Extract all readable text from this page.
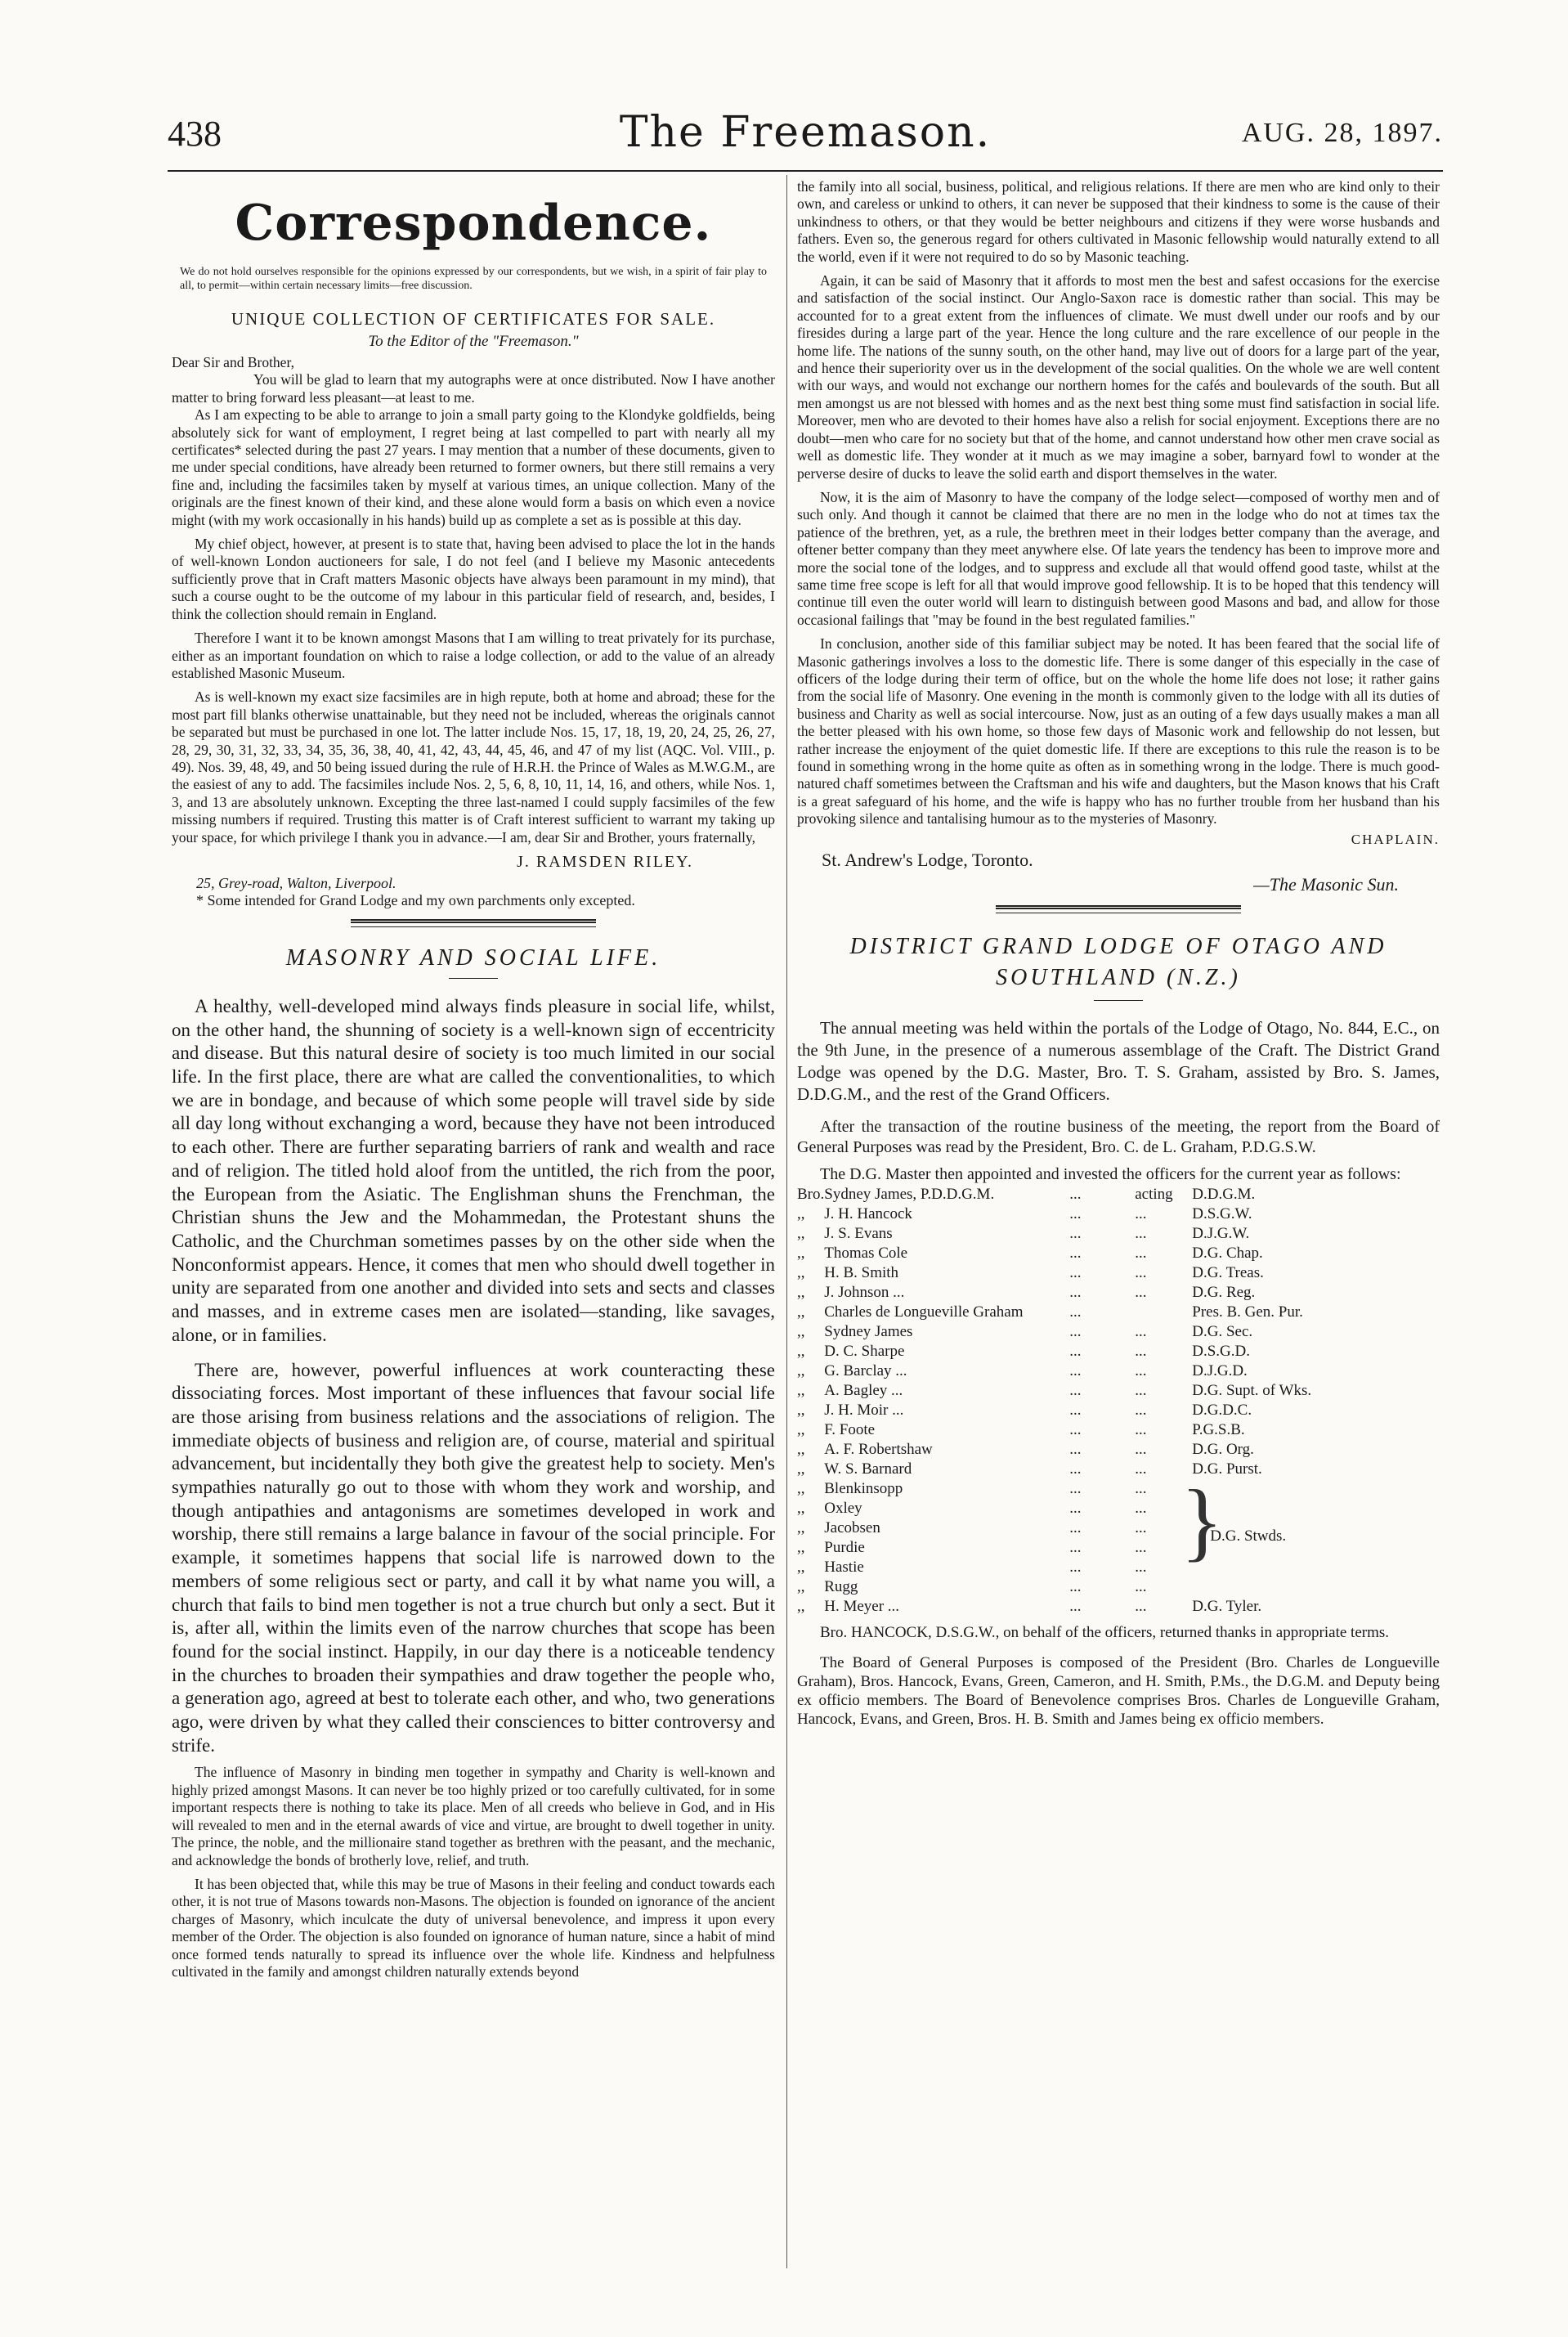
438	The Freemason.	AUG. 28, 1897.
Correspondence.

We do not hold ourselves responsible for the opinions expressed by our correspondents, but we wish, in a spirit of fair play to all, to permit—within certain necessary limits—free discussion.

UNIQUE COLLECTION OF CERTIFICATES FOR SALE.
To the Editor of the "Freemason."

Dear Sir and Brother,

You will be glad to learn that my autographs were at once distributed. Now I have another matter to bring forward less pleasant—at least to me.

As I am expecting to be able to arrange to join a small party going to the Klondyke goldfields, being absolutely sick for want of employment, I regret being at last compelled to part with nearly all my certificates* selected during the past 27 years. I may mention that a number of these documents, given to me under special conditions, have already been returned to former owners, but there still remains a very fine and, including the facsimiles taken by myself at various times, an unique collection. Many of the originals are the finest known of their kind, and these alone would form a basis on which even a novice might (with my work occasionally in his hands) build up as complete a set as is possible at this day.

My chief object, however, at present is to state that, having been advised to place the lot in the hands of well-known London auctioneers for sale, I do not feel (and I believe my Masonic antecedents sufficiently prove that in Craft matters Masonic objects have always been paramount in my mind), that such a course ought to be the outcome of my labour in this particular field of research, and, besides, I think the collection should remain in England.

Therefore I want it to be known amongst Masons that I am willing to treat privately for its purchase, either as an important foundation on which to raise a lodge collection, or add to the value of an already established Masonic Museum.

As is well-known my exact size facsimiles are in high repute, both at home and abroad; these for the most part fill blanks otherwise unattainable, but they need not be included, whereas the originals cannot be separated but must be purchased in one lot. The latter include Nos. 15, 17, 18, 19, 20, 24, 25, 26, 27, 28, 29, 30, 31, 32, 33, 34, 35, 36, 38, 40, 41, 42, 43, 44, 45, 46, and 47 of my list (AQC. Vol. VIII., p. 49). Nos. 39, 48, 49, and 50 being issued during the rule of H.R.H. the Prince of Wales as M.W.G.M., are the easiest of any to add. The facsimiles include Nos. 2, 5, 6, 8, 10, 11, 14, 16, and others, while Nos. 1, 3, and 13 are absolutely unknown. Excepting the three last-named I could supply facsimiles of the few missing numbers if required. Trusting this matter is of Craft interest sufficient to warrant my taking up your space, for which privilege I thank you in advance.—I am, dear Sir and Brother, yours fraternally,

J. RAMSDEN RILEY.
25, Grey-road, Walton, Liverpool.
* Some intended for Grand Lodge and my own parchments only excepted.
MASONRY AND SOCIAL LIFE.

A healthy, well-developed mind always finds pleasure in social life, whilst, on the other hand, the shunning of society is a well-known sign of eccentricity and disease. But this natural desire of society is too much limited in our social life. In the first place, there are what are called the conventionalities, to which we are in bondage, and because of which some people will travel side by side all day long without exchanging a word, because they have not been introduced to each other. There are further separating barriers of rank and wealth and race and of religion. The titled hold aloof from the untitled, the rich from the poor, the European from the Asiatic. The Englishman shuns the Frenchman, the Christian shuns the Jew and the Mohammedan, the Protestant shuns the Catholic, and the Churchman sometimes passes by on the other side when the Nonconformist appears. Hence, it comes that men who should dwell together in unity are separated from one another and divided into sets and sects and classes and masses, and in extreme cases men are isolated—standing, like savages, alone, or in families.

There are, however, powerful influences at work counteracting these dissociating forces. Most important of these influences that favour social life are those arising from business relations and the associations of religion. The immediate objects of business and religion are, of course, material and spiritual advancement, but incidentally they both give the greatest help to society. Men's sympathies naturally go out to those with whom they work and worship, and though antipathies and antagonisms are sometimes developed in work and worship, there still remains a large balance in favour of the social principle. For example, it sometimes happens that social life is narrowed down to the members of some religious sect or party, and call it by what name you will, a church that fails to bind men together is not a true church but only a sect. But it is, after all, within the limits even of the narrow churches that scope has been found for the social instinct. Happily, in our day there is a noticeable tendency in the churches to broaden their sympathies and draw together the people who, a generation ago, agreed at best to tolerate each other, and who, two generations ago, were driven by what they called their consciences to bitter controversy and strife.

The influence of Masonry in binding men together in sympathy and Charity is well-known and highly prized amongst Masons. It can never be too highly prized or too carefully cultivated, for in some important respects there is nothing to take its place. Men of all creeds who believe in God, and in His will revealed to men and in the eternal awards of vice and virtue, are brought to dwell together in unity. The prince, the noble, and the millionaire stand together as brethren with the peasant, and the mechanic, and acknowledge the bonds of brotherly love, relief, and truth.

It has been objected that, while this may be true of Masons in their feeling and conduct towards each other, it is not true of Masons towards non-Masons. The objection is founded on ignorance of the ancient charges of Masonry, which inculcate the duty of universal benevolence, and impress it upon every member of the Order. The objection is also founded on ignorance of human nature, since a habit of mind once formed tends naturally to spread its influence over the whole life. Kindness and helpfulness cultivated in the family and amongst children naturally extends beyond

the family into all social, business, political, and religious relations. If there are men who are kind only to their own, and careless or unkind to others, it can never be supposed that their kindness to some is the cause of their unkindness to others, or that they would be better neighbours and citizens if they were worse husbands and fathers. Even so, the generous regard for others cultivated in Masonic fellowship would naturally extend to all the world, even if it were not required to do so by Masonic teaching.

Again, it can be said of Masonry that it affords to most men the best and safest occasions for the exercise and satisfaction of the social instinct. Our Anglo-Saxon race is domestic rather than social. This may be accounted for to a great extent from the influences of climate. We must dwell under our roofs and by our firesides during a large part of the year. Hence the long culture and the rare excellence of our people in the home life. The nations of the sunny south, on the other hand, may live out of doors for a large part of the year, and hence their superiority over us in the development of the social qualities. On the whole we are well content with our ways, and would not exchange our northern homes for the cafés and boulevards of the south. But all men amongst us are not blessed with homes and as the next best thing some must find satisfaction in social life. Moreover, men who are devoted to their homes have also a relish for social enjoyment. Exceptions there are no doubt—men who care for no society but that of the home, and cannot understand how other men crave social as well as domestic life. They wonder at it much as we may imagine a sober, barnyard fowl to wonder at the perverse desire of ducks to leave the solid earth and disport themselves in the water.

Now, it is the aim of Masonry to have the company of the lodge select—composed of worthy men and of such only. And though it cannot be claimed that there are no men in the lodge who do not at times tax the patience of the brethren, yet, as a rule, the brethren meet in their lodges better company than the average, and oftener better company than they meet anywhere else. Of late years the tendency has been to improve more and more the social tone of the lodges, and to suppress and exclude all that would offend good taste, whilst at the same time free scope is left for all that would improve good fellowship. It is to be hoped that this tendency will continue till even the outer world will learn to distinguish between good Masons and bad, and allow for those occasional failings that "may be found in the best regulated families."

In conclusion, another side of this familiar subject may be noted. It has been feared that the social life of Masonic gatherings involves a loss to the domestic life. There is some danger of this especially in the case of officers of the lodge during their term of office, but on the whole the home life does not lose; it rather gains from the social life of Masonry. One evening in the month is commonly given to the lodge with all its duties of business and Charity as well as social intercourse. Now, just as an outing of a few days usually makes a man all the better pleased with his own home, so those few days of Masonic work and fellowship do not lessen, but rather increase the enjoyment of the quiet domestic life. If there are exceptions to this rule the reason is to be found in something wrong in the home quite as often as in something wrong in the lodge. There is much good-natured chaff sometimes between the Craftsman and his wife and daughters, but the Mason knows that his Craft is a great safeguard of his home, and the wife is happy who has no further trouble from her husband than his provoking silence and tantalising humour as to the mysteries of Masonry.

CHAPLAIN.
St. Andrew's Lodge, Toronto.
—The Masonic Sun.
DISTRICT GRAND LODGE OF OTAGO AND
SOUTHLAND (N.Z.)

The annual meeting was held within the portals of the Lodge of Otago, No. 844, E.C., on the 9th June, in the presence of a numerous assemblage of the Craft. The District Grand Lodge was opened by the D.G. Master, Bro. T. S. Graham, assisted by Bro. S. James, D.D.G.M., and the rest of the Grand Officers.

After the transaction of the routine business of the meeting, the report from the Board of General Purposes was read by the President, Bro. C. de L. Graham, P.D.G.S.W.

The D.G. Master then appointed and invested the officers for the current year as follows:

Bro.	Sydney James, P.D.D.G.M.	...	acting	D.D.G.M.
,,	J. H. Hancock	...	...	D.S.G.W.
,,	J. S. Evans	...	...	D.J.G.W.
,,	Thomas Cole	...	...	D.G. Chap.
,,	H. B. Smith	...	...	D.G. Treas.
,,	J. Johnson ...	...	...	D.G. Reg.
,,	Charles de Longueville Graham	...		Pres. B. Gen. Pur.
,,	Sydney James	...	...	D.G. Sec.
,,	D. C. Sharpe	...	...	D.S.G.D.
,,	G. Barclay ...	...	...	D.J.G.D.
,,	A. Bagley ...	...	...	D.G. Supt. of Wks.
,,	J. H. Moir ...	...	...	D.G.D.C.
,,	F. Foote	...	...	P.G.S.B.
,,	A. F. Robertshaw	...	...	D.G. Org.
,,	W. S. Barnard	...	...	D.G. Purst.
,,	Blenkinsopp	...	...	}
D.G. Stwds.

,,	Oxley	...	...	
,,	Jacobsen	...	...	
,,	Purdie	...	...	
,,	Hastie	...	...	
,,	Rugg	...	...	
,,	H. Meyer ...	...	...	D.G. Tyler.

Bro. HANCOCK, D.S.G.W., on behalf of the officers, returned thanks in appropriate terms.

The Board of General Purposes is composed of the President (Bro. Charles de Longueville Graham), Bros. Hancock, Evans, Green, Cameron, and H. Smith, P.Ms., the D.G.M. and Deputy being ex officio members. The Board of Benevolence comprises Bros. Charles de Longueville Graham, Hancock, Evans, and Green, Bros. H. B. Smith and James being ex officio members.
